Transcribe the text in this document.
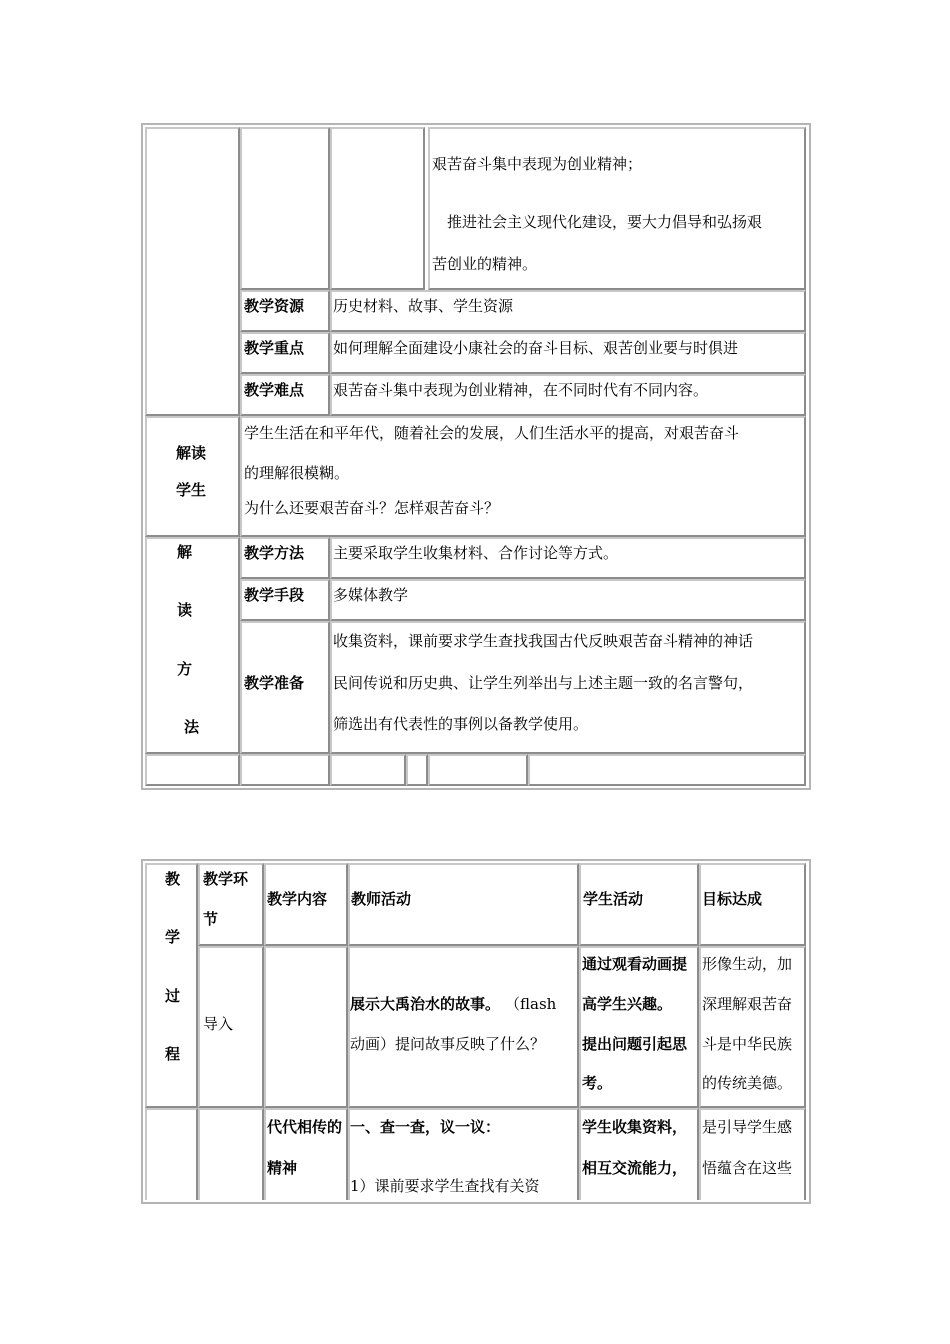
艰苦奋斗集中表现为创业精神；
推进社会主义现代化建设，要大力倡导和弘扬艰
苦创业的精神。
教学资源 历史材料、故事、学生资源
教学重点 如何理解全面建设小康社会的奋斗目标、艰苦创业要与时俱进
教学难点 艰苦奋斗集中表现为创业精神，在不同时代有不同内容。
解读
学生
学生生活在和平年代，随着社会的发展，人们生活水平的提高，对艰苦奋斗
的理解很模糊。
为什么还要艰苦奋斗？怎样艰苦奋斗？
解
读
方
法
教学方法 主要采取学生收集材料、合作讨论等方式。
教学手段 多媒体教学
教学准备
收集资料，课前要求学生查找我国古代反映艰苦奋斗精神的神话
民间传说和历史典、让学生列举出与上述主题一致的名言警句，
筛选出有代表性的事例以备教学使用。
教
学
过
程
教学环
节
教学内容 教师活动	学生活动	目标达成
导入
展示大禹治水的故事。 （flash
动画）提问故事反映了什么？
通过观看动画提
高学生兴趣。
提出问题引起思
考。
形像生动，加
深理解艰苦奋
斗是中华民族
的传统美德。
代代相传的
精神
一、查一查，议一议：
1）课前要求学生查找有关资
学生收集资料，
相互交流能力，
是引导学生感
悟蕴含在这些
